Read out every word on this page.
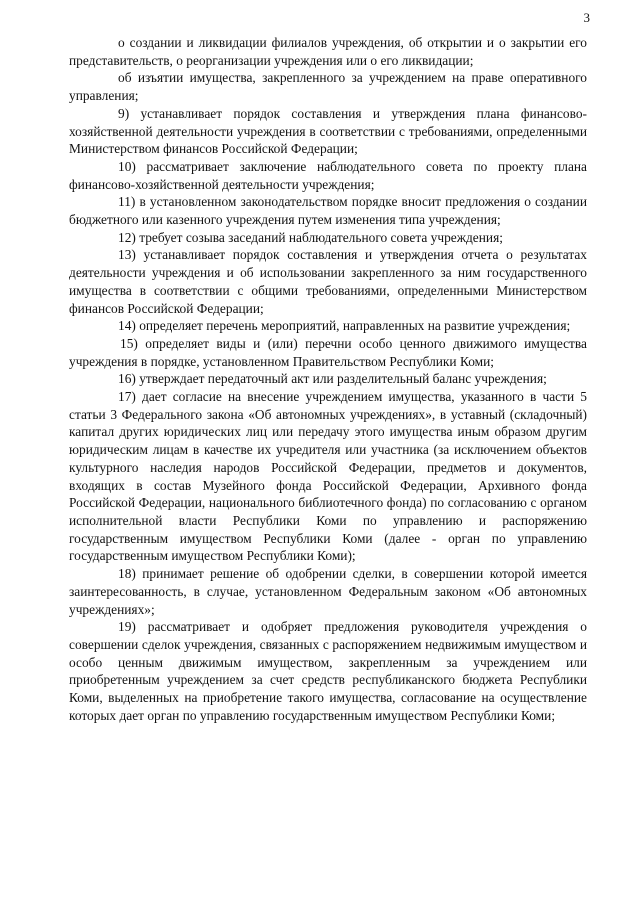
3

о создании и ликвидации филиалов учреждения, об открытии и о закрытии его представительств, о реорганизации учреждения или о его ликвидации;

об изъятии имущества, закрепленного за учреждением на праве оперативного управления;

9) устанавливает порядок составления и утверждения плана финансово-хозяйственной деятельности учреждения в соответствии с требованиями, определенными Министерством финансов Российской Федерации;

10) рассматривает заключение наблюдательного совета по проекту плана финансово-хозяйственной деятельности учреждения;

11) в установленном законодательством порядке вносит предложения о создании бюджетного или казенного учреждения путем изменения типа учреждения;

12) требует созыва заседаний наблюдательного совета учреждения;

13) устанавливает порядок составления и утверждения отчета о результатах деятельности учреждения и об использовании закрепленного за ним государственного имущества в соответствии с общими требованиями, определенными Министерством финансов Российской Федерации;

14) определяет перечень мероприятий, направленных на развитие учреждения;

15) определяет виды и (или) перечни особо ценного движимого имущества учреждения в порядке, установленном Правительством Республики Коми;

16) утверждает передаточный акт или разделительный баланс учреждения;

17) дает согласие на внесение учреждением имущества, указанного в части 5 статьи 3 Федерального закона «Об автономных учреждениях», в уставный (складочный) капитал других юридических лиц или передачу этого имущества иным образом другим юридическим лицам в качестве их учредителя или участника (за исключением объектов культурного наследия народов Российской Федерации, предметов и документов, входящих в состав Музейного фонда Российской Федерации, Архивного фонда Российской Федерации, национального библиотечного фонда) по согласованию с органом исполнительной власти Республики Коми по управлению и распоряжению государственным имуществом Республики Коми (далее - орган по управлению государственным имуществом Республики Коми);

18) принимает решение об одобрении сделки, в совершении которой имеется заинтересованность, в случае, установленном Федеральным законом «Об автономных учреждениях»;

19) рассматривает и одобряет предложения руководителя учреждения о совершении сделок учреждения, связанных с распоряжением недвижимым имуществом и особо ценным движимым имуществом, закрепленным за учреждением или приобретенным учреждением за счет средств республиканского бюджета Республики Коми, выделенных на приобретение такого имущества, согласование на осуществление которых дает орган по управлению государственным имуществом Республики Коми;
